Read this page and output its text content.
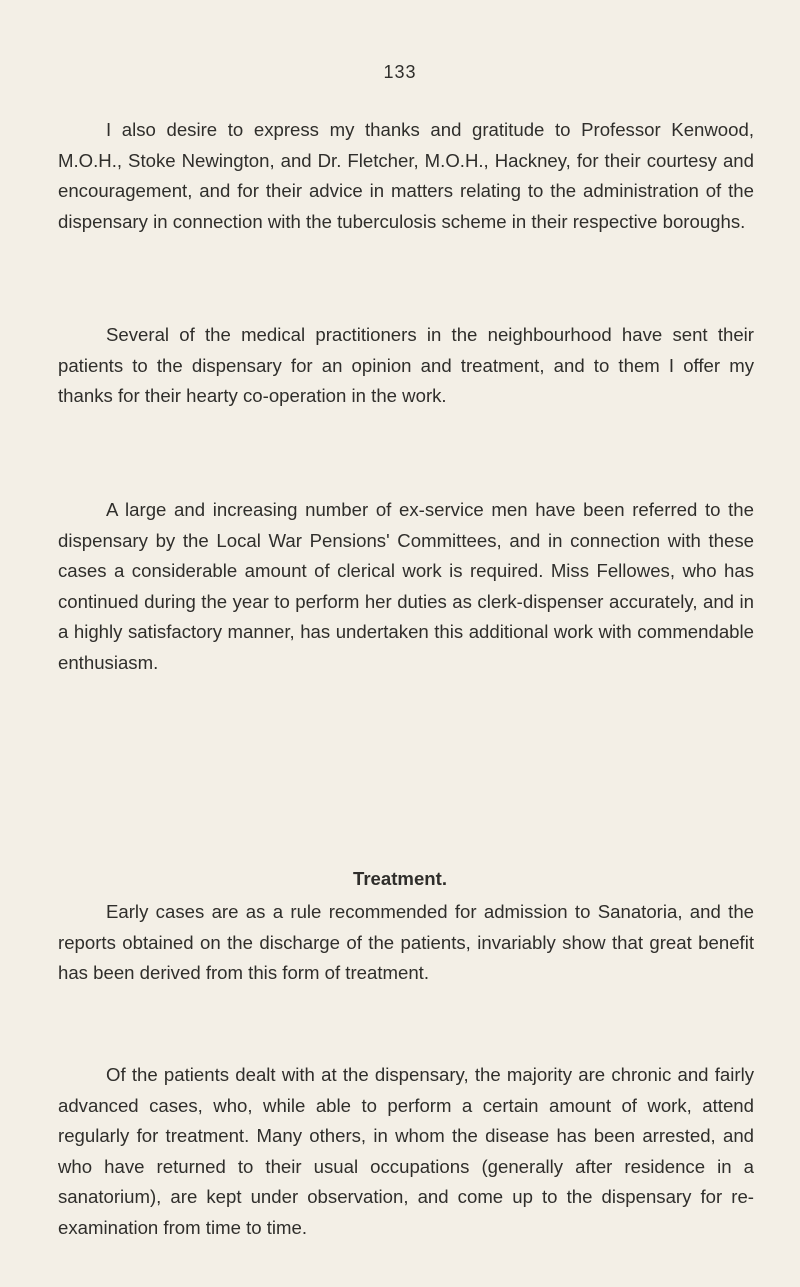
133

I also desire to express my thanks and gratitude to Professor Kenwood, M.O.H., Stoke Newington, and Dr. Fletcher, M.O.H., Hackney, for their courtesy and encouragement, and for their advice in matters relating to the administration of the dispensary in connection with the tuberculosis scheme in their respective boroughs.

Several of the medical practitioners in the neighbourhood have sent their patients to the dispensary for an opinion and treatment, and to them I offer my thanks for their hearty co-operation in the work.

A large and increasing number of ex-service men have been referred to the dispensary by the Local War Pensions' Committees, and in connection with these cases a considerable amount of clerical work is required. Miss Fellowes, who has continued during the year to perform her duties as clerk-dispenser accurately, and in a highly satisfactory manner, has undertaken this additional work with commendable enthusiasm.

Treatment.

Early cases are as a rule recommended for admission to Sanatoria, and the reports obtained on the discharge of the patients, invariably show that great benefit has been derived from this form of treatment.

Of the patients dealt with at the dispensary, the majority are chronic and fairly advanced cases, who, while able to perform a certain amount of work, attend regularly for treatment. Many others, in whom the disease has been arrested, and who have returned to their usual occupations (generally after residence in a sanatorium), are kept under observation, and come up to the dispensary for re-examination from time to time.
